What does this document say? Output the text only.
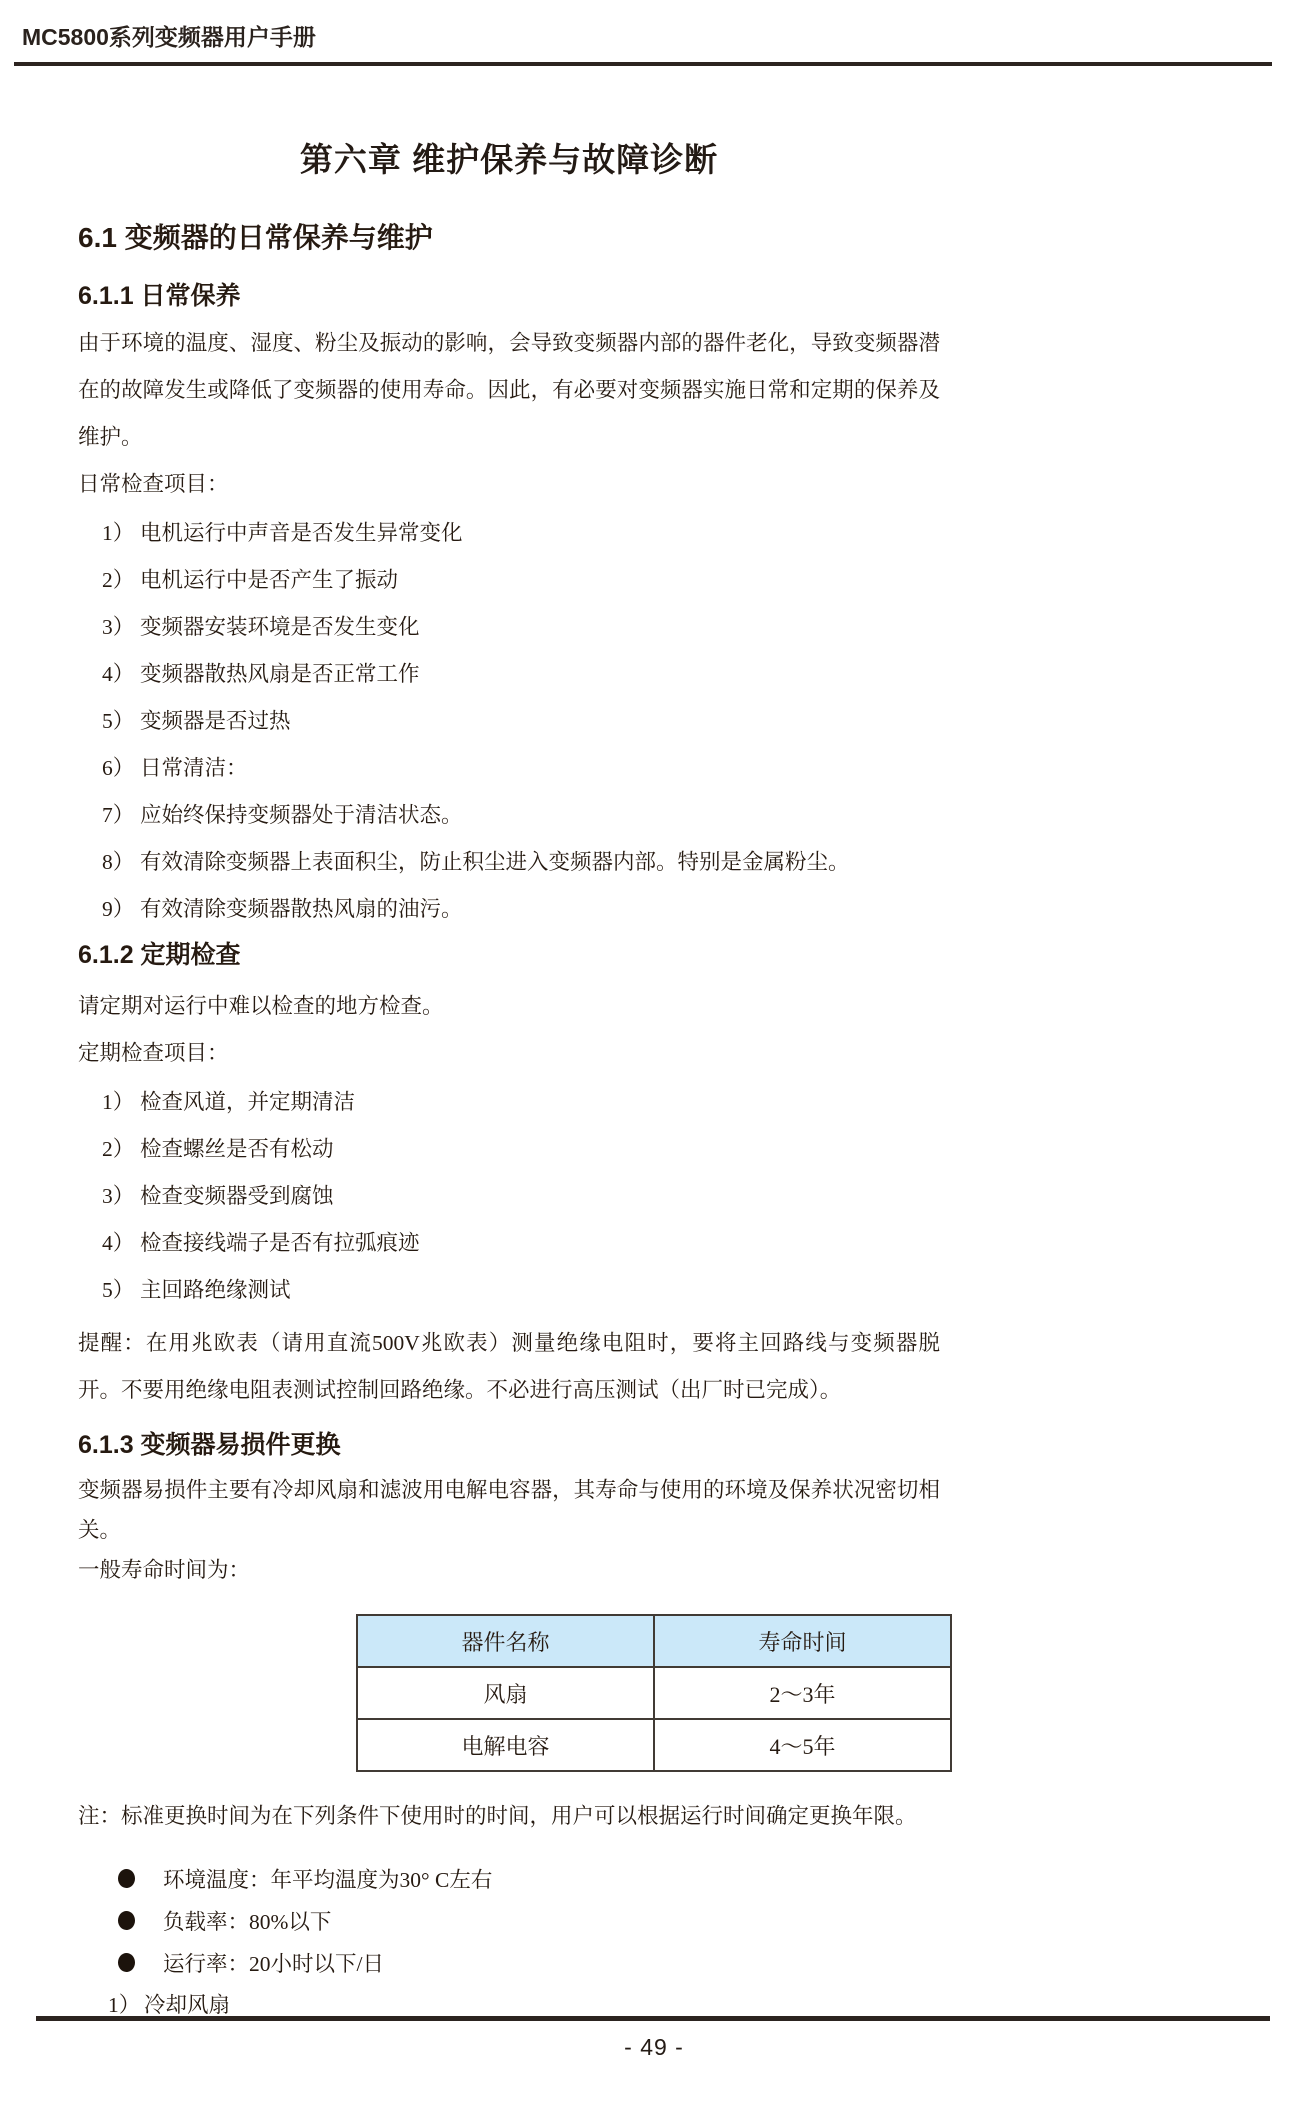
MC5800系列变频器用户手册
第六章 维护保养与故障诊断
6.1 变频器的日常保养与维护
6.1.1 日常保养

由于环境的温度、湿度、粉尘及振动的影响，会导致变频器内部的器件老化，导致变频器潜在的故障发生或降低了变频器的使用寿命。因此，有必要对变频器实施日常和定期的保养及维护。

日常检查项目：

1） 电机运行中声音是否发生异常变化
2） 电机运行中是否产生了振动
3） 变频器安装环境是否发生变化
4） 变频器散热风扇是否正常工作
5） 变频器是否过热
6） 日常清洁：
7） 应始终保持变频器处于清洁状态。
8） 有效清除变频器上表面积尘，防止积尘进入变频器内部。特别是金属粉尘。
9） 有效清除变频器散热风扇的油污。
6.1.2 定期检查

请定期对运行中难以检查的地方检查。

定期检查项目：

1） 检查风道，并定期清洁
2） 检查螺丝是否有松动
3） 检查变频器受到腐蚀
4） 检查接线端子是否有拉弧痕迹
5） 主回路绝缘测试

提醒：在用兆欧表（请用直流500V兆欧表）测量绝缘电阻时，要将主回路线与变频器脱开。不要用绝缘电阻表测试控制回路绝缘。不必进行高压测试（出厂时已完成）。

6.1.3 变频器易损件更换

变频器易损件主要有冷却风扇和滤波用电解电容器，其寿命与使用的环境及保养状况密切相关。

一般寿命时间为：

器件名称	寿命时间
风扇	2～3年
电解电容	4～5年

注：标准更换时间为在下列条件下使用时的时间，用户可以根据运行时间确定更换年限。

环境温度：年平均温度为30° C左右
负载率：80%以下
运行率：20小时以下/日
1） 冷却风扇
- 49 -
